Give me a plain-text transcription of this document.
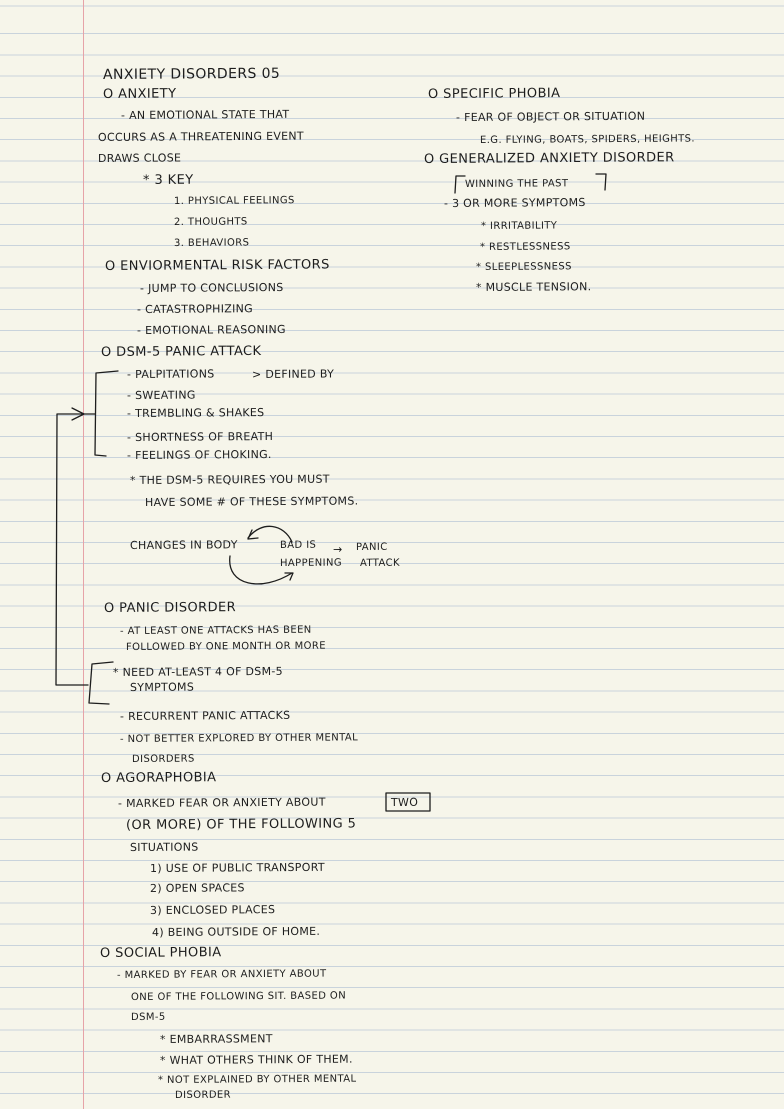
ANXIETY DISORDERS 05
O ANXIETY
- AN EMOTIONAL STATE THAT
OCCURS AS A THREATENING EVENT
DRAWS CLOSE
* 3 KEY
1. PHYSICAL FEELINGS
2. THOUGHTS
3. BEHAVIORS
O ENVIORMENTAL RISK FACTORS
- JUMP TO CONCLUSIONS
- CATASTROPHIZING
- EMOTIONAL REASONING
O DSM-5 PANIC ATTACK
- PALPITATIONS	> DEFINED BY
- SWEATING
- TREMBLING & SHAKES
- SHORTNESS OF BREATH
- FEELINGS OF CHOKING.
* THE DSM-5 REQUIRES YOU MUST
HAVE SOME # OF THESE SYMPTOMS.
CHANGES IN BODY	BAD IS
HAPPENING
→ PANIC
ATTACK
O PANIC DISORDER
- AT LEAST ONE ATTACKS HAS BEEN
FOLLOWED BY ONE MONTH OR MORE
* NEED AT-LEAST 4 OF DSM-5
SYMPTOMS
- RECURRENT PANIC ATTACKS
- NOT BETTER EXPLORED BY OTHER MENTAL
DISORDERS
O AGORAPHOBIA
- MARKED FEAR OR ANXIETY ABOUT	TWO
(OR MORE) OF THE FOLLOWING 5
SITUATIONS
1) USE OF PUBLIC TRANSPORT
2) OPEN SPACES
3) ENCLOSED PLACES
4) BEING OUTSIDE OF HOME.
O SOCIAL PHOBIA
- MARKED BY FEAR OR ANXIETY ABOUT
ONE OF THE FOLLOWING SIT. BASED ON
DSM-5
* EMBARRASSMENT
* WHAT OTHERS THINK OF THEM.
* NOT EXPLAINED BY OTHER MENTAL
DISORDER
O SPECIFIC PHOBIA
- FEAR OF OBJECT OR SITUATION
E.G. FLYING, BOATS, SPIDERS, HEIGHTS.
O GENERALIZED ANXIETY DISORDER
WINNING THE PAST
- 3 OR MORE SYMPTOMS
* IRRITABILITY
* RESTLESSNESS
* SLEEPLESSNESS
* MUSCLE TENSION.
